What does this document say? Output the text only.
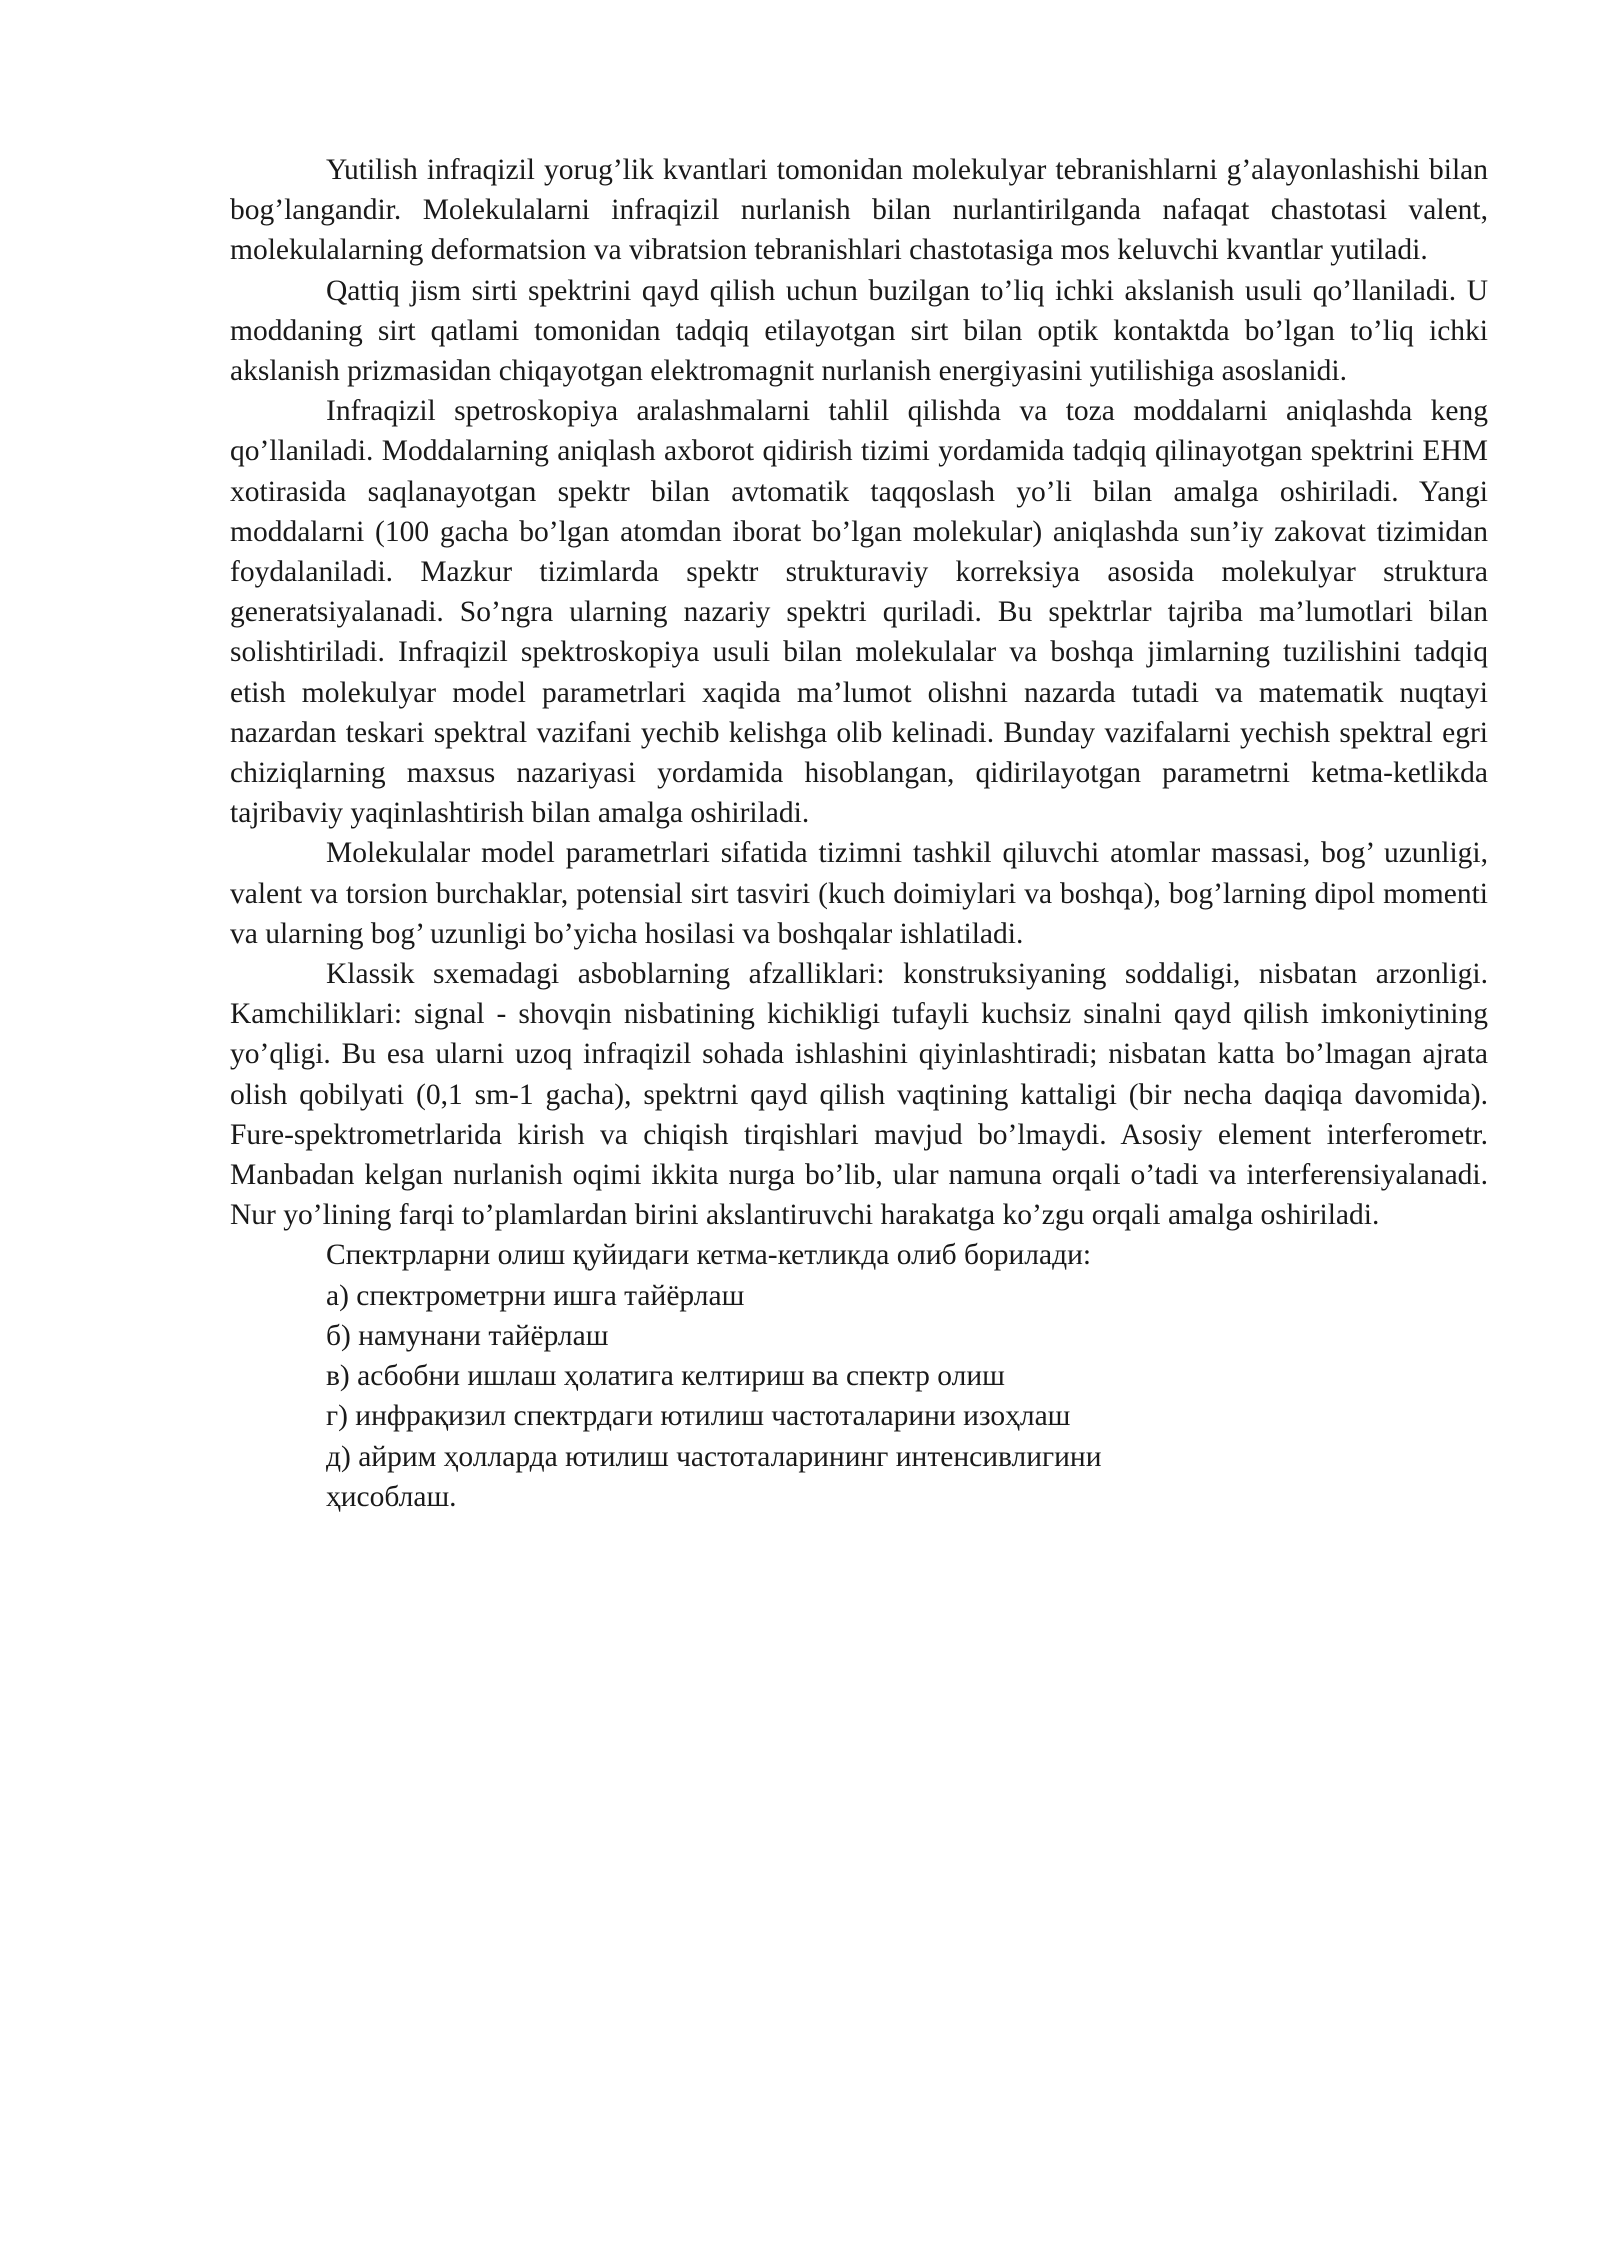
Yutilish infraqizil yorug’lik kvantlari tomonidan molekulyar tebranishlarni g’alayonlashishi bilan bog’langandir. Molekulalarni infraqizil nurlanish bilan nurlantirilganda nafaqat chastotasi valent, molekulalarning deformatsion va vibratsion tebranishlari chastotasiga mos keluvchi kvantlar yutiladi.

Qattiq jism sirti spektrini qayd qilish uchun buzilgan to’liq ichki akslanish usuli qo’llaniladi. U moddaning sirt qatlami tomonidan tadqiq etilayotgan sirt bilan optik kontaktda bo’lgan to’liq ichki akslanish prizmasidan chiqayotgan elektromagnit nurlanish energiyasini yutilishiga asoslanidi.

Infraqizil spetroskopiya aralashmalarni tahlil qilishda va toza moddalarni aniqlashda keng qo’llaniladi. Moddalarning aniqlash axborot qidirish tizimi yordamida tadqiq qilinayotgan spektrini EHM xotirasida saqlanayotgan spektr bilan avtomatik taqqoslash yo’li bilan amalga oshiriladi. Yangi moddalarni (100 gacha bo’lgan atomdan iborat bo’lgan molekular) aniqlashda sun’iy zakovat tizimidan foydalaniladi. Mazkur tizimlarda spektr strukturaviy korreksiya asosida molekulyar struktura generatsiyalanadi. So’ngra ularning nazariy spektri quriladi. Bu spektrlar tajriba ma’lumotlari bilan solishtiriladi. Infraqizil spektroskopiya usuli bilan molekulalar va boshqa jimlarning tuzilishini tadqiq etish molekulyar model parametrlari xaqida ma’lumot olishni nazarda tutadi va matematik nuqtayi nazardan teskari spektral vazifani yechib kelishga olib kelinadi. Bunday vazifalarni yechish spektral egri chiziqlarning maxsus nazariyasi yordamida hisoblangan, qidirilayotgan parametrni ketma-ketlikda tajribaviy yaqinlashtirish bilan amalga oshiriladi.

Molekulalar model parametrlari sifatida tizimni tashkil qiluvchi atomlar massasi, bog’ uzunligi, valent va torsion burchaklar, potensial sirt tasviri (kuch doimiylari va boshqa), bog’larning dipol momenti va ularning bog’ uzunligi bo’yicha hosilasi va boshqalar ishlatiladi.

Klassik sxemadagi asboblarning afzalliklari: konstruksiyaning soddaligi, nisbatan arzonligi. Kamchiliklari: signal - shovqin nisbatining kichikligi tufayli kuchsiz sinalni qayd qilish imkoniytining yo’qligi. Bu esa ularni uzoq infraqizil sohada ishlashini qiyinlashtiradi; nisbatan katta bo’lmagan ajrata olish qobilyati (0,1 sm-1 gacha), spektrni qayd qilish vaqtining kattaligi (bir necha daqiqa davomida). Fure-spektrometrlarida kirish va chiqish tirqishlari mavjud bo’lmaydi. Asosiy element interferometr. Manbadan kelgan nurlanish oqimi ikkita nurga bo’lib, ular namuna orqali o’tadi va interferensiyalanadi. Nur yo’lining farqi to’plamlardan birini akslantiruvchi harakatga ko’zgu orqali amalga oshiriladi.

Спектрларни олиш қуйидаги кетма-кетликда олиб борилади:

а) спектрометрни ишга тайёрлаш
б) намунани тайёрлаш
в) асбобни ишлаш ҳолатига келтириш ва спектр олиш
г) инфрақизил спектрдаги ютилиш частоталарини изоҳлаш
д) айрим ҳолларда ютилиш частоталарининг интенсивлигини
ҳисоблаш.
